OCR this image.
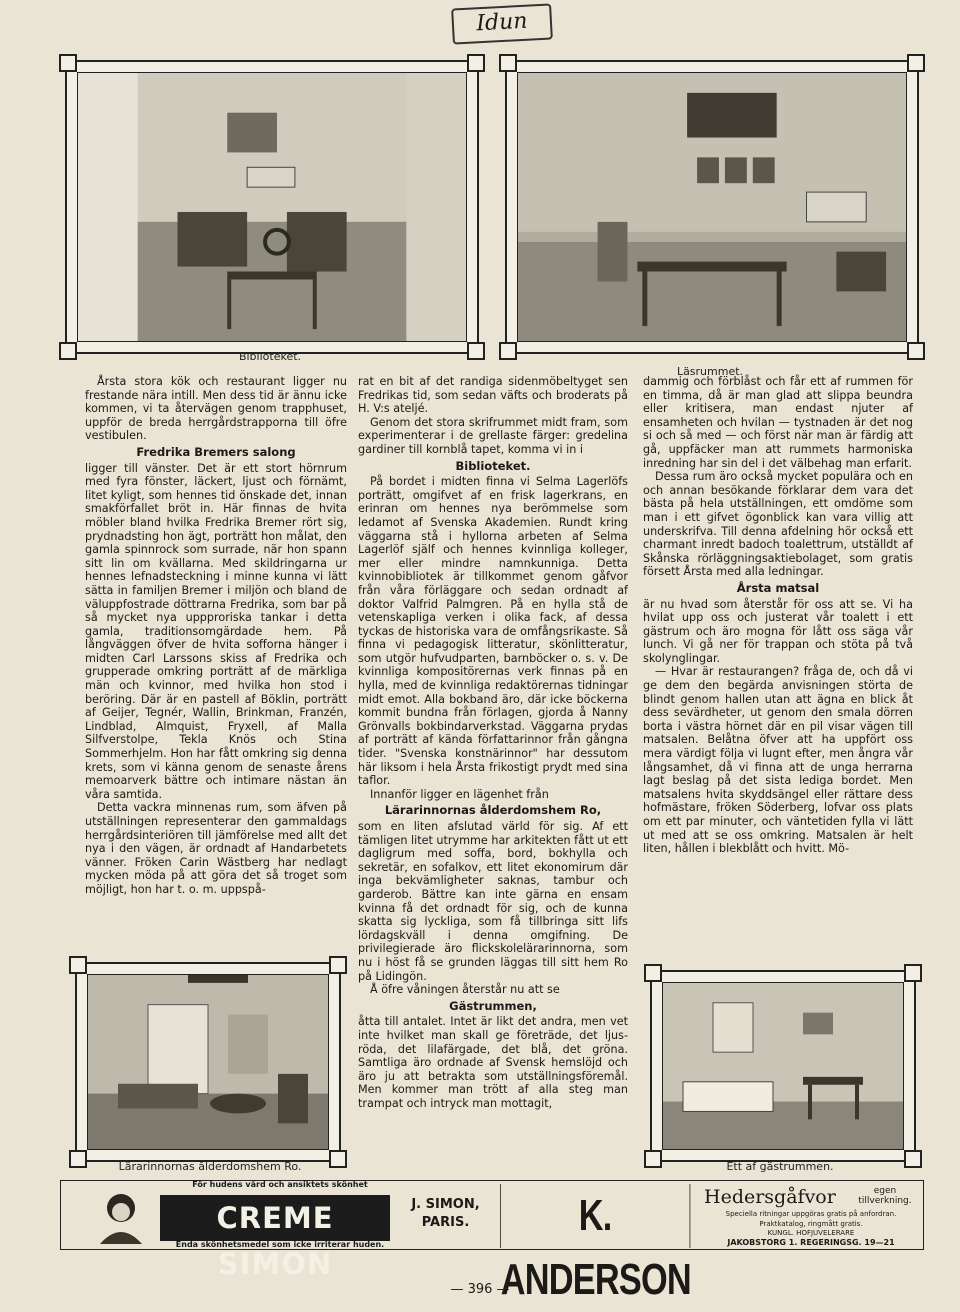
Idun
Biblioteket.
Läsrummet.

Årsta stora kök och restaurant ligger nu frestande nära intill. Men dess tid är ännu icke kommen, vi ta återvägen genom trapphuset, uppför de breda herrgårdstrapporna till öfre vestibulen.

Fredrika Bremers salong

ligger till vänster. Det är ett stort hörnrum med fyra fönster, läckert, ljust och förnämt, litet kyligt, som hennes tid önskade det, innan smakförfallet bröt in. Här finnas de hvita möbler bland hvilka Fredrika Bremer rört sig, prydnadsting hon ägt, porträtt hon målat, den gamla spinnrock som surrade, när hon spann sitt lin om kvällarna. Med skildringarna ur hennes lefnadsteckning i minne kunna vi lätt sätta in familjen Bremer i miljön och bland de väluppfostrade döttrarna Fredrika, som bar på så mycket nya uppproriska tankar i detta gamla, traditionsomgärdade hem. På långväggen öfver de hvita sofforna hänger i midten Carl Larssons skiss af Fredrika och grupperade omkring porträtt af de märkliga män och kvinnor, med hvilka hon stod i beröring. Där är en pastell af Böklin, porträtt af Geijer, Tegnér, Wallin, Brinkman, Franzén, Lindblad, Almquist, Fryxell, af Malla Silfverstolpe, Tekla Knös och Stina Sommerhjelm. Hon har fått omkring sig denna krets, som vi känna genom de senaste årens memoarverk bättre och intimare nästan än våra samtida.

Detta vackra minnenas rum, som äfven på utställningen representerar den gammaldags herrgårdsinteriören till jämförelse med allt det nya i den vägen, är ordnadt af Handarbetets vänner. Fröken Carin Wästberg har nedlagt mycken möda på att göra det så troget som möjligt, hon har t. o. m. uppspå-

rat en bit af det randiga sidenmöbeltyget sen Fredrikas tid, som sedan väfts och broderats på H. V:s ateljé.

Genom det stora skrifrummet midt fram, som experimenterar i de grellaste färger: gredelina gardiner till kornblå tapet, komma vi in i

Biblioteket.

På bordet i midten finna vi Selma Lagerlöfs porträtt, omgifvet af en frisk lagerkrans, en erinran om hennes nya berömmelse som ledamot af Svenska Akademien. Rundt kring väggarna stå i hyllorna arbeten af Selma Lagerlöf själf och hennes kvinnliga kolleger, mer eller mindre namnkunniga. Detta kvinnobibliotek är tillkommet genom gåfvor från våra förläggare och sedan ordnadt af doktor Valfrid Palmgren. På en hylla stå de vetenskapliga verken i olika fack, af dessa tyckas de historiska vara de omfångsrikaste. Så finna vi pedagogisk litteratur, skönlitteratur, som utgör hufvudparten, barnböcker o. s. v. De kvinnliga kompositörernas verk finnas på en hylla, med de kvinnliga redaktörernas tidningar midt emot. Alla bokband äro, där icke böckerna kommit bundna från förlagen, gjorda å Nanny Grönvalls bokbindarverkstad. Väggarna prydas af porträtt af kända författarinnor från gångna tider. "Svenska konstnärinnor" har dessutom här liksom i hela Årsta frikostigt prydt med sina taflor.

Innanför ligger en lägenhet från

Lärarinnornas ålderdomshem Ro,

som en liten afslutad värld för sig. Af ett tämligen litet utrymme har arkitekten fått ut ett dagligrum med soffa, bord, bokhylla och sekretär, en sofalkov, ett litet ekonomirum där inga bekvämligheter saknas, tambur och garderob. Bättre kan inte gärna en ensam kvinna få det ordnadt för sig, och de kunna skatta sig lyckliga, som få tillbringa sitt lifs lördagskväll i denna omgifning. De privilegierade äro flickskolelärarinnorna, som nu i höst få se grunden läggas till sitt hem Ro på Lidingön.

Å öfre våningen återstår nu att se

Gästrummen,

åtta till antalet. Intet är likt det andra, men vet inte hvilket man skall ge företräde, det ljus-röda, det lilafärgade, det blå, det gröna. Samtliga äro ordnade af Svensk hemslöjd och äro ju att betrakta som utställningsföremål. Men kommer man trött af alla steg man trampat och intryck man mottagit,

dammig och förblåst och får ett af rummen för en timma, då är man glad att slippa beundra eller kritisera, man endast njuter af ensamheten och hvilan — tystnaden är det nog si och så med — och först när man är färdig att gå, uppfäcker man att rummets harmoniska inredning har sin del i det välbehag man erfarit.

Dessa rum äro också mycket populära och en och annan besökande förklarar dem vara det bästa på hela utställningen, ett omdöme som man i ett gifvet ögonblick kan vara villig att underskrifva. Till denna afdelning hör också ett charmant inredt badoch toalettrum, utställdt af Skånska rörläggningsaktiebolaget, som gratis försett Årsta med alla ledningar.

Årsta matsal

är nu hvad som återstår för oss att se. Vi ha hvilat upp oss och justerat vår toalett i ett gästrum och äro mogna för lått oss säga vår lunch. Vi gå ner för trappan och stöta på två skolynglingar.

— Hvar är restaurangen? fråga de, och då vi ge dem den begärda anvisningen störta de blindt genom hallen utan att ägna en blick åt dess sevärdheter, ut genom den smala dörren borta i västra hörnet där en pil visar vägen till matsalen. Belåtna öfver att ha uppfört oss mera värdigt följa vi lugnt efter, men ångra vår långsamhet, då vi finna att de unga herrarna lagt beslag på det sista lediga bordet. Men matsalens hvita skyddsängel eller rättare dess hofmästare, fröken Söderberg, lofvar oss plats om ett par minuter, och väntetiden fylla vi lätt ut med att se oss omkring. Matsalen är helt liten, hållen i blekblått och hvitt. Mö-

Lärarinnornas ålderdomshem Ro.	Ett af gästrummen.
För hudens vård och ansiktets skönhet
CREME SIMON
J. SIMON,
PARIS.
Enda skönhetsmedel som icke irriterar huden.
K. ANDERSON
Hedersgåfvor	egen tillverkning.
Speciella ritningar uppgöras gratis på anfordran.
Praktkatalog, ringmått gratis.
KUNGL. HOFJUVELERARE
JAKOBSTORG 1. REGERINGSG. 19—21
— 396 —
